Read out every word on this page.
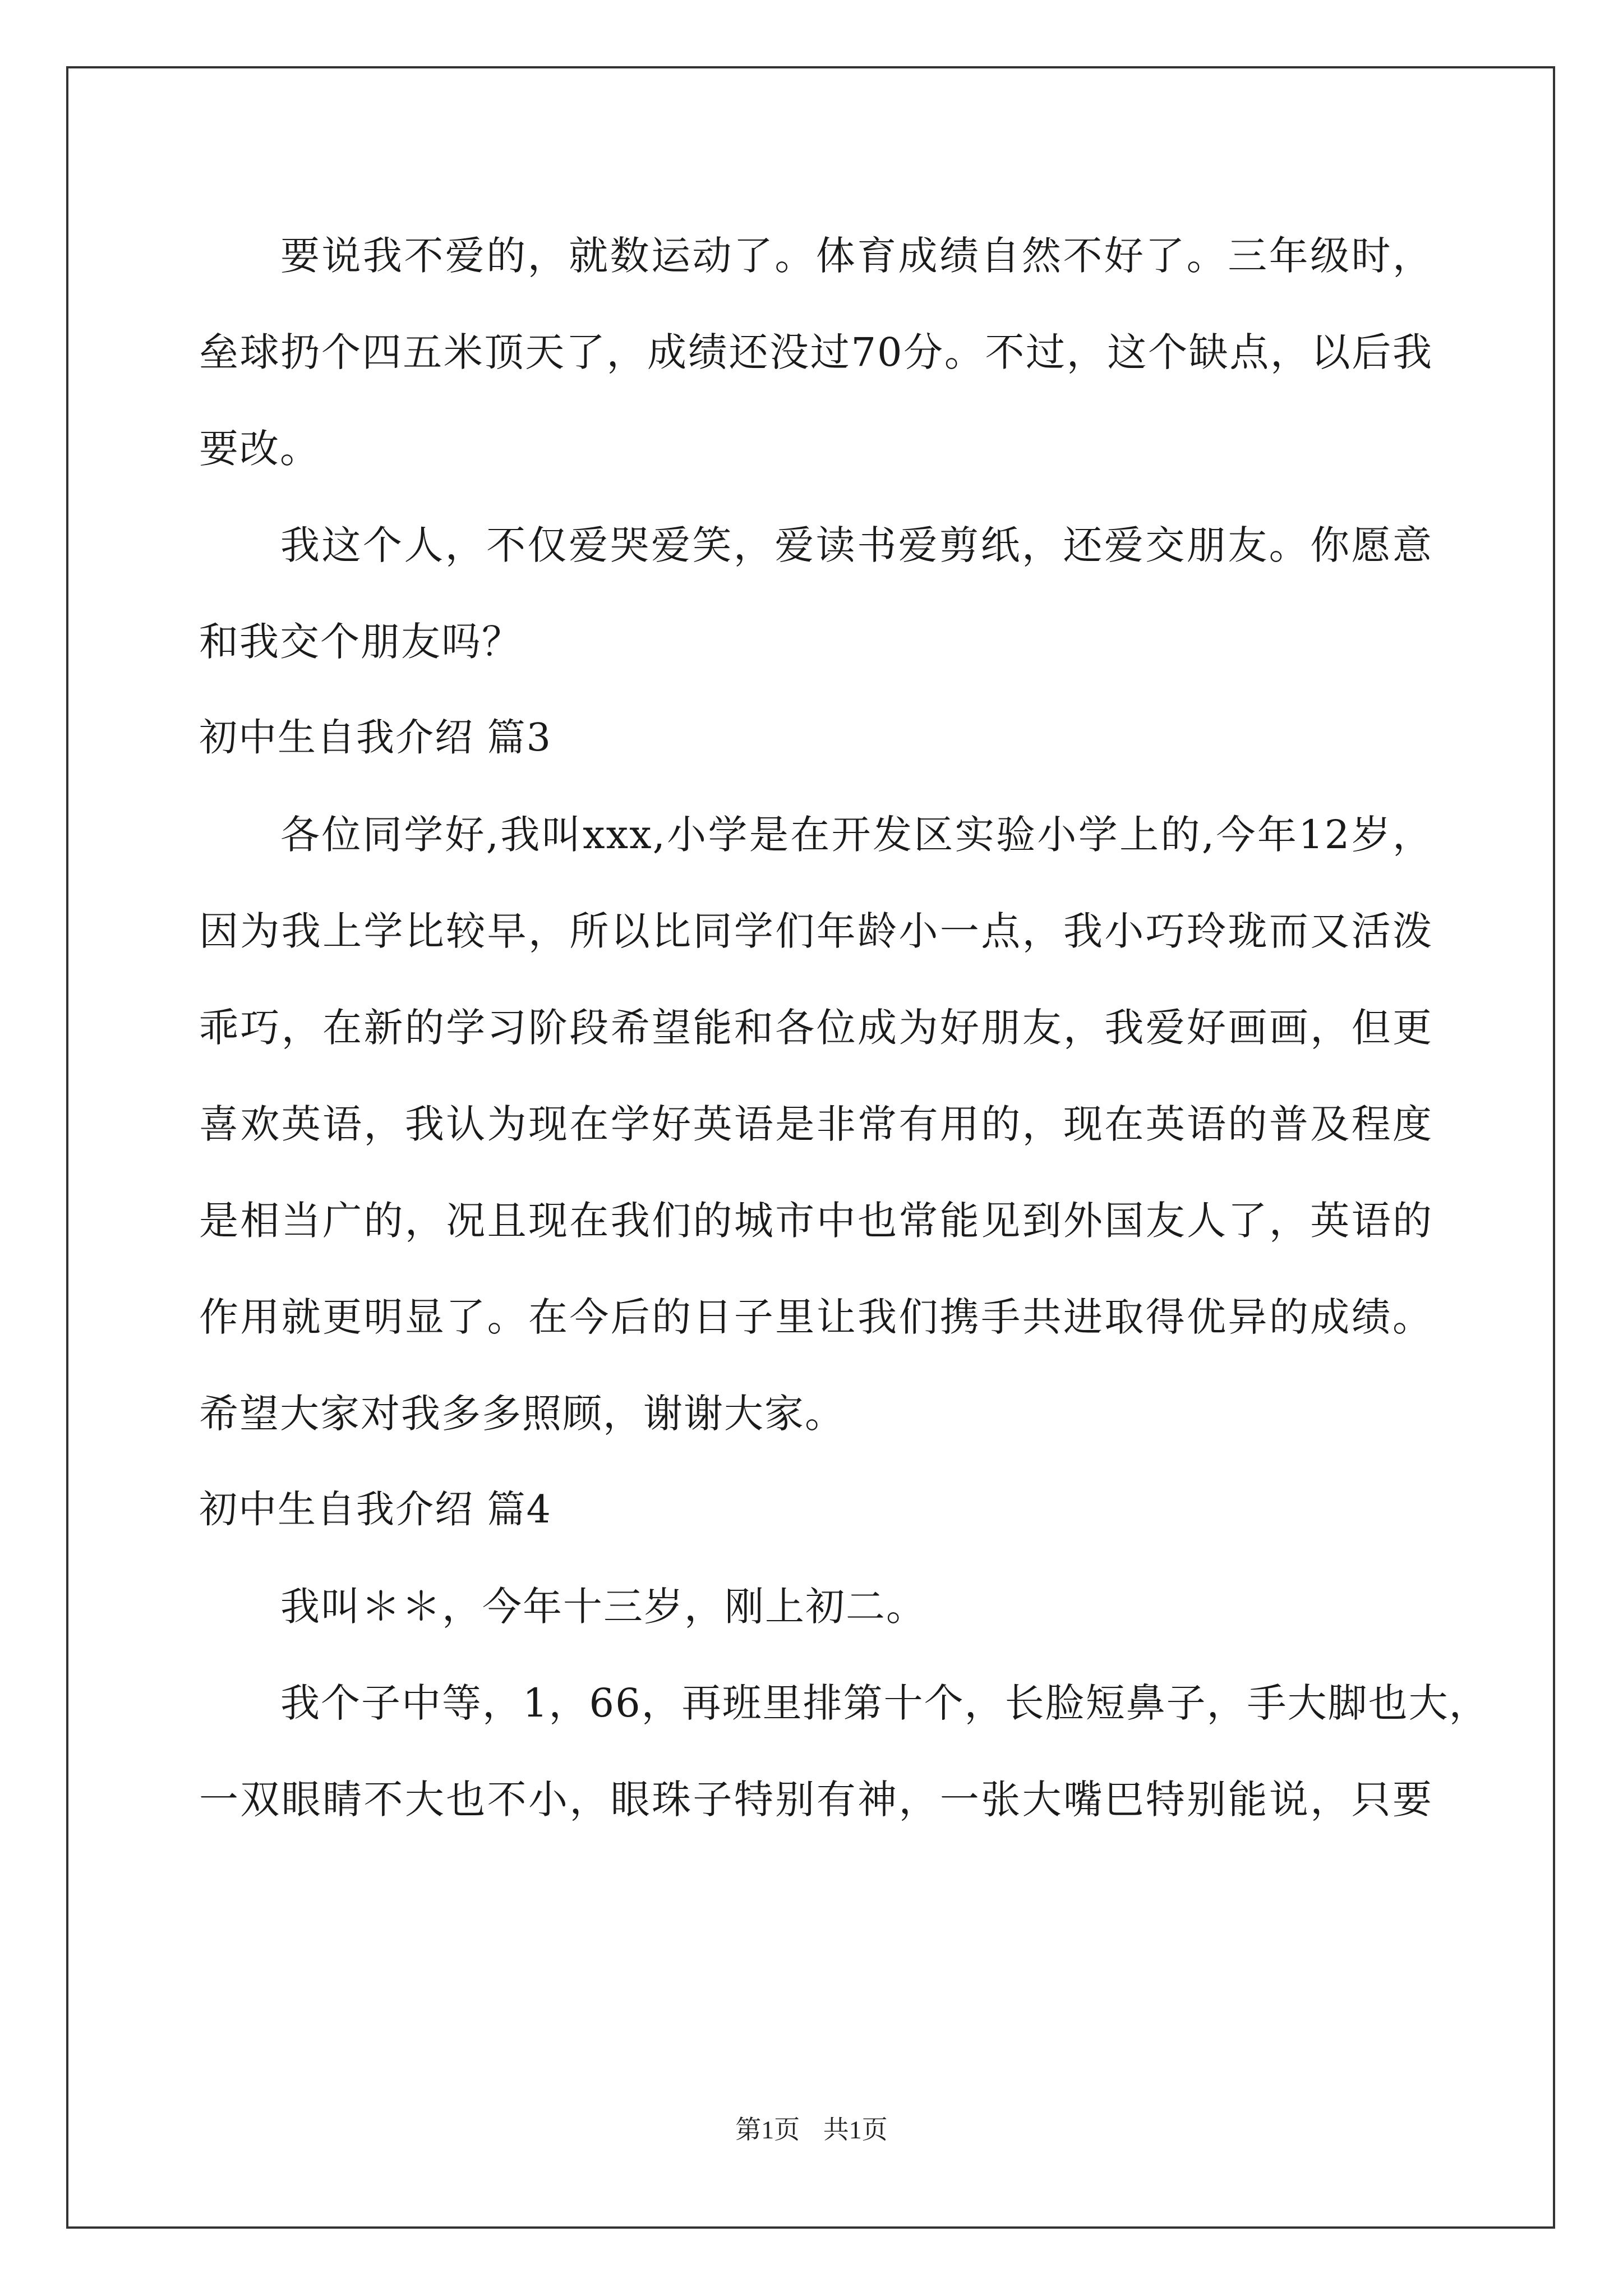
要说我不爱的，就数运动了。体育成绩自然不好了。三年级时，
垒球扔个四五米顶天了，成绩还没过70分。不过，这个缺点，以后我
要改。
我这个人，不仅爱哭爱笑，爱读书爱剪纸，还爱交朋友。你愿意
和我交个朋友吗？
初中生自我介绍 篇3
各位同学好,我叫xxx,小学是在开发区实验小学上的,今年12岁，
因为我上学比较早，所以比同学们年龄小一点，我小巧玲珑而又活泼
乖巧，在新的学习阶段希望能和各位成为好朋友，我爱好画画，但更
喜欢英语，我认为现在学好英语是非常有用的，现在英语的普及程度
是相当广的，况且现在我们的城市中也常能见到外国友人了，英语的
作用就更明显了。在今后的日子里让我们携手共进取得优异的成绩。
希望大家对我多多照顾，谢谢大家。
初中生自我介绍 篇4
我叫＊＊，今年十三岁，刚上初二。
我个子中等，1，66，再班里排第十个，长脸短鼻子，手大脚也大，
一双眼睛不大也不小，眼珠子特别有神，一张大嘴巴特别能说，只要
第1页 共1页
